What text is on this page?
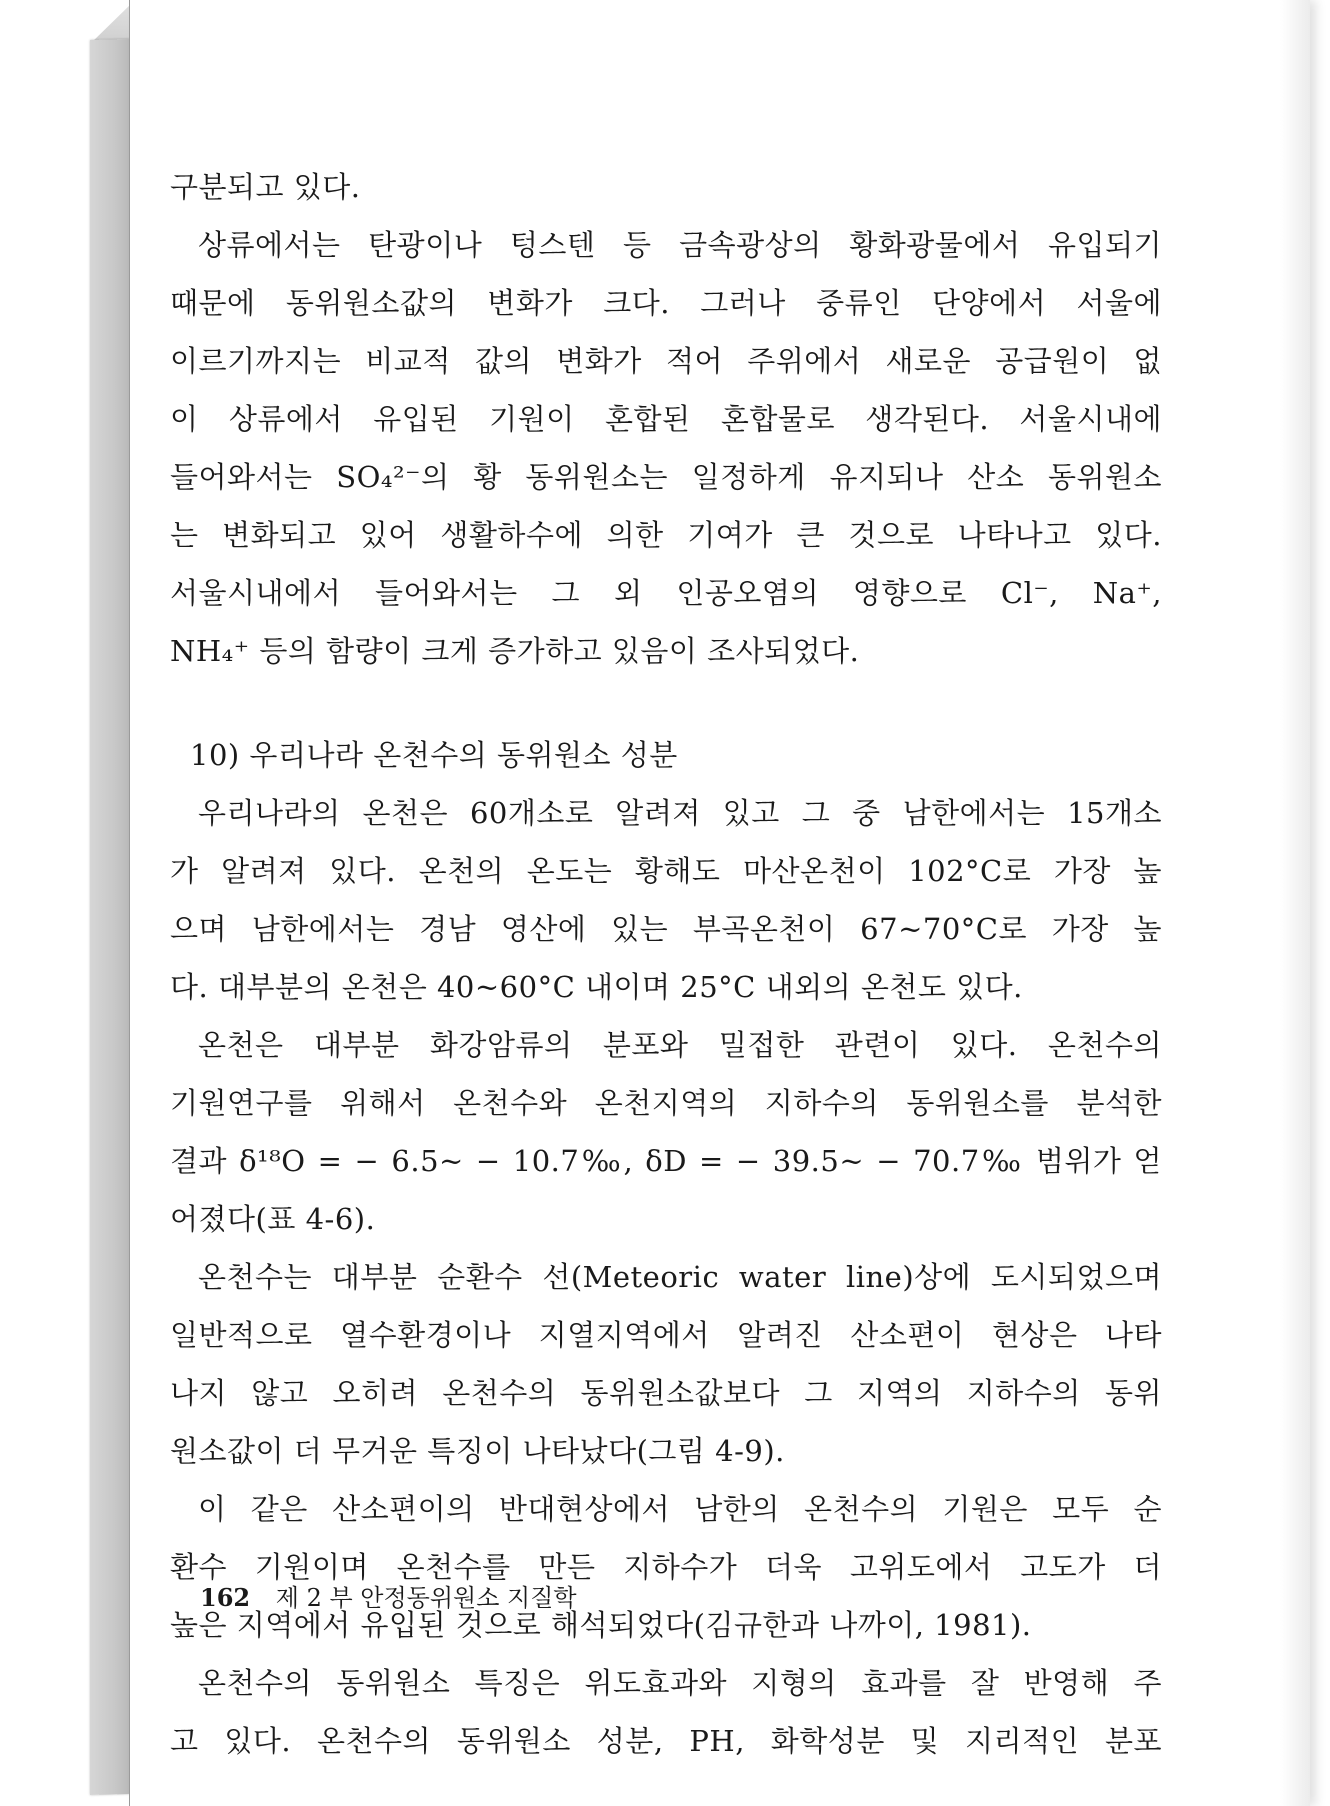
구분되고 있다.
상류에서는 탄광이나 텅스텐 등 금속광상의 황화광물에서 유입되기
때문에 동위원소값의 변화가 크다. 그러나 중류인 단양에서 서울에
이르기까지는 비교적 값의 변화가 적어 주위에서 새로운 공급원이 없
이 상류에서 유입된 기원이 혼합된 혼합물로 생각된다. 서울시내에
들어와서는 SO₄²⁻의 황 동위원소는 일정하게 유지되나 산소 동위원소
는 변화되고 있어 생활하수에 의한 기여가 큰 것으로 나타나고 있다.
서울시내에서 들어와서는 그 외 인공오염의 영향으로 Cl⁻, Na⁺,
NH₄⁺ 등의 함량이 크게 증가하고 있음이 조사되었다.
10) 우리나라 온천수의 동위원소 성분
우리나라의 온천은 60개소로 알려져 있고 그 중 남한에서는 15개소
가 알려져 있다. 온천의 온도는 황해도 마산온천이 102°C로 가장 높
으며 남한에서는 경남 영산에 있는 부곡온천이 67~70°C로 가장 높
다. 대부분의 온천은 40~60°C 내이며 25°C 내외의 온천도 있다.
온천은 대부분 화강암류의 분포와 밀접한 관련이 있다. 온천수의
기원연구를 위해서 온천수와 온천지역의 지하수의 동위원소를 분석한
결과 δ¹⁸O = − 6.5~ − 10.7‰, δD = − 39.5~ − 70.7‰ 범위가 얻
어졌다(표 4-6).
온천수는 대부분 순환수 선(Meteoric water line)상에 도시되었으며
일반적으로 열수환경이나 지열지역에서 알려진 산소편이 현상은 나타
나지 않고 오히려 온천수의 동위원소값보다 그 지역의 지하수의 동위
원소값이 더 무거운 특징이 나타났다(그림 4-9).
이 같은 산소편이의 반대현상에서 남한의 온천수의 기원은 모두 순
환수 기원이며 온천수를 만든 지하수가 더욱 고위도에서 고도가 더
높은 지역에서 유입된 것으로 해석되었다(김규한과 나까이, 1981).
온천수의 동위원소 특징은 위도효과와 지형의 효과를 잘 반영해 주
고 있다. 온천수의 동위원소 성분, PH, 화학성분 및 지리적인 분포
162 제 2 부 안정동위원소 지질학
